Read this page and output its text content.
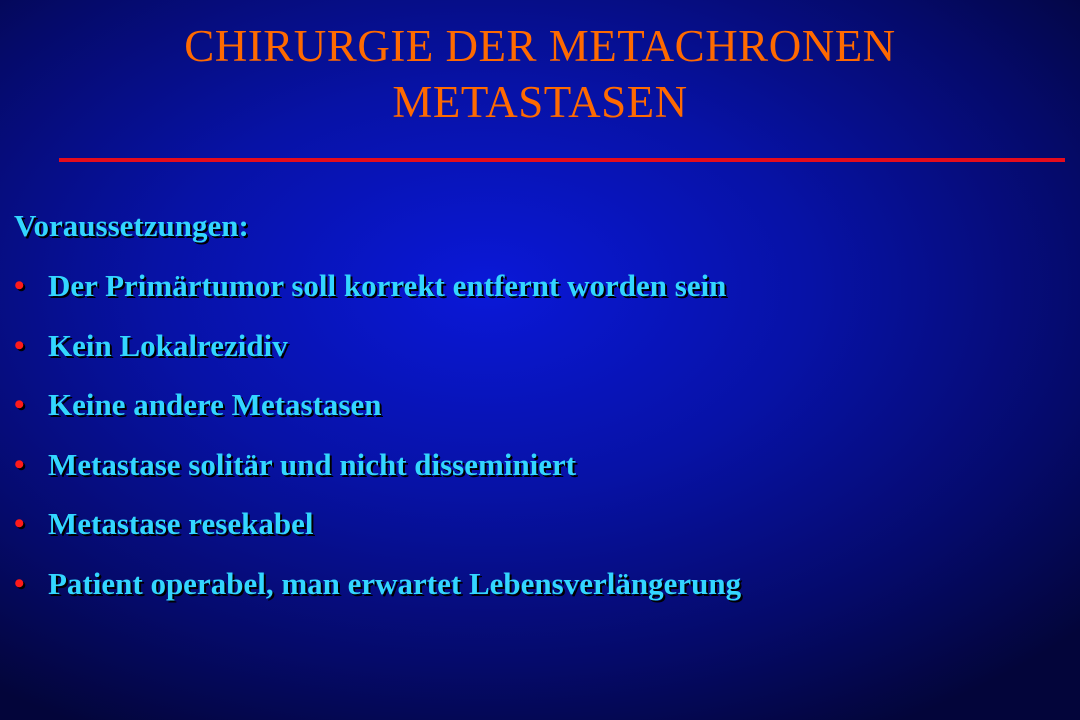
CHIRURGIE DER METACHRONEN
METASTASEN
Voraussetzungen:
• Der Primärtumor soll korrekt entfernt worden sein
• Kein Lokalrezidiv
• Keine andere Metastasen
• Metastase solitär und nicht disseminiert
• Metastase resekabel
• Patient operabel, man erwartet Lebensverlängerung
